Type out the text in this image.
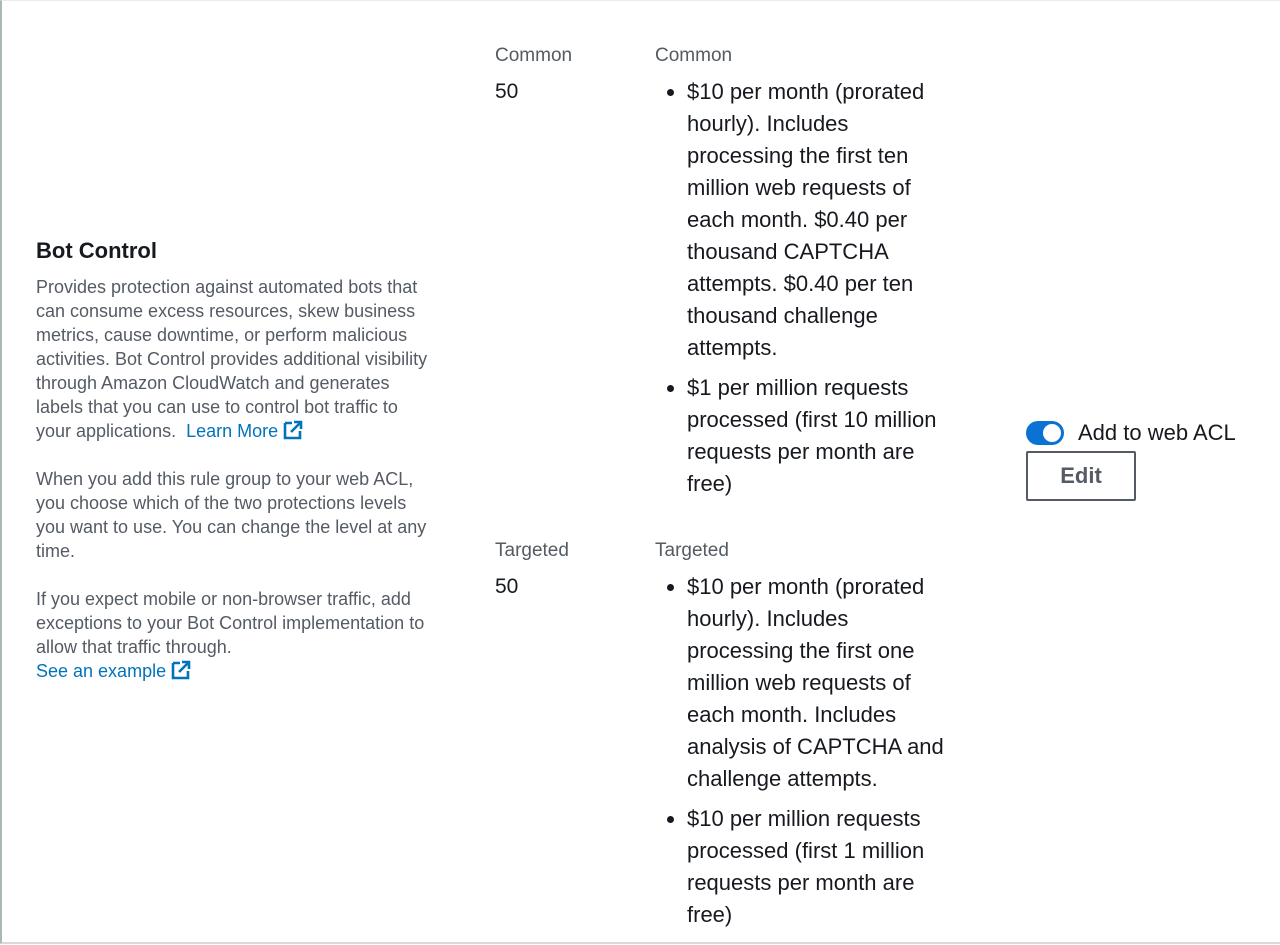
Bot Control

Provides protection against automated bots that can consume excess resources, skew business metrics, cause downtime, or perform malicious activities. Bot Control provides additional visibility through Amazon CloudWatch and generates labels that you can use to control bot traffic to your applications. Learn More

When you add this rule group to your web ACL, you choose which of the two protections levels you want to use. You can change the level at any time.

If you expect mobile or non-browser traffic, add exceptions to your Bot Control implementation to allow that traffic through.
See an example

Common
50
Common
• $10 per month (prorated hourly). Includes processing the first ten million web requests of each month. $0.40 per thousand CAPTCHA attempts. $0.40 per ten thousand challenge attempts.
• $1 per million requests processed (first 10 million requests per month are free)
Targeted
50
Targeted
• $10 per month (prorated hourly). Includes processing the first one million web requests of each month. Includes analysis of CAPTCHA and challenge attempts.
• $10 per million requests processed (first 1 million requests per month are free)
Add to web ACL
Edit
